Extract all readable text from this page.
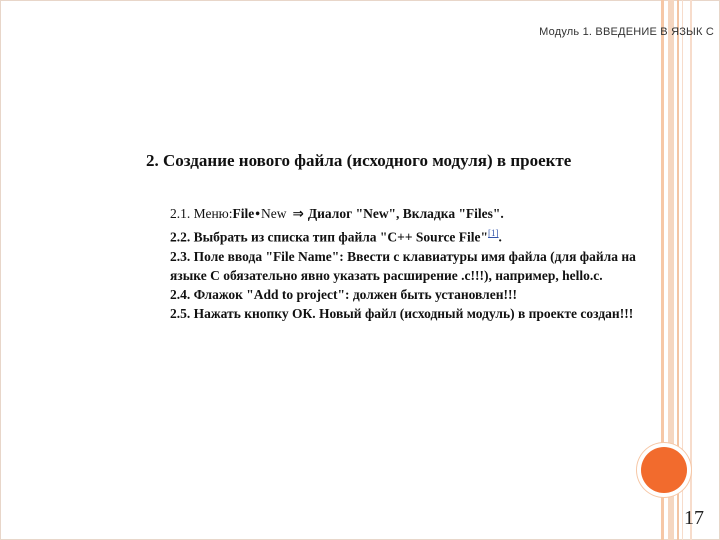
Модуль 1. ВВЕДЕНИЕ В ЯЗЫК С
2. Создание нового файла (исходного модуля) в проекте
2.1. Меню:File•New ⇒ Диалог "New", Вкладка "Files".
2.2. Выбрать из списка тип файла "C++ Source File"[1].
2.3. Поле ввода "File Name": Ввести с клавиатуры имя файла (для файла на языке С обязательно явно указать расширение .c!!!), например, hello.c.
2.4. Флажок "Add to project": должен быть установлен!!!
2.5. Нажать кнопку ОК. Новый файл (исходный модуль) в проекте создан!!!
17
